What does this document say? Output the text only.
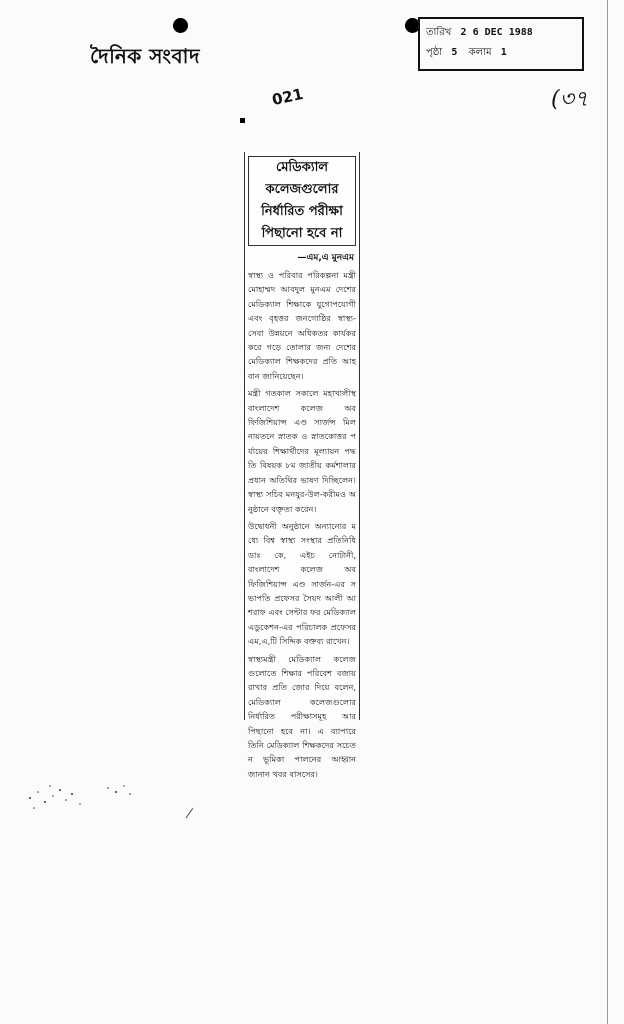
দৈনিক সংবাদ
তারিখ 2 6 DEC 1988
পৃষ্ঠা 5 কলাম 1
(৩৭
021
মেডিক্যাল কলেজগুলোর নির্ধারিত পরীক্ষা পিছানো হবে না
—এম,এ মুনএম

স্বাস্থ্য ও পরিবার পরিকল্পনা মন্ত্রী মোহাম্মদ আবদুল মুনএম দেশের মেডিক্যাল শিক্ষাকে যুগোপযোগী এবং বৃহত্তর জনগোষ্ঠির স্বাস্থ্য-সেবা উন্নয়নে অধিকতর কার্যকর করে গড়ে তোলার জন্য দেশের মেডিক্যাল শিক্ষকদের প্রতি আহবান জানিয়েছেন।

মন্ত্রী গতকাল সকালে মহাখালীস্থ বাংলাদেশ কলেজ অব ফিজিশিয়ান্স এণ্ড সার্জন্স মিলনায়তনে স্নাতক ও স্নাতকোত্তর পর্যায়ের শিক্ষার্থীদের মূল্যায়ন পদ্ধতি বিষয়ক ৮ম জাতীয় কর্মশালার প্রধান অতিথির ভাষণ দিচ্ছিলেন। স্বাস্থ্য সচিব মনযুর-উল-করীমও অনুষ্ঠানে বক্তৃতা করেন।

উদ্বোধনী অনুষ্ঠানে অন্যান্যের মধ্যে বিশ্ব স্বাস্থ্য সংস্থার প্রতিনিধি ডাঃ কে, এইচ নোটানী, বাংলাদেশ কলেজ অব ফিজিশিয়ান্স এণ্ড সার্জন-এর সভাপতি প্রফেসর সৈয়দ আলী আশরাফ এবং সেন্টার ফর মেডিক্যাল এডুকেশন-এর পরিচালক প্রফেসর এম,এ,টি সিদ্দিক বক্তব্য রাখেন।

স্বাস্থ্যমন্ত্রী মেডিক্যাল কলেজগুলোতে শিক্ষার পরিবেশ বজায় রাখার প্রতি জোর দিয়ে বলেন, মেডিক্যাল কলেজগুলোর নির্ধারিত পরীক্ষাসমূহ আর পিছানো হবে না। এ ব্যাপারে তিনি মেডিক্যাল শিক্ষকদের সচেতন ভূমিকা পালনের আহ্বান জানান খবর বাসসের।
